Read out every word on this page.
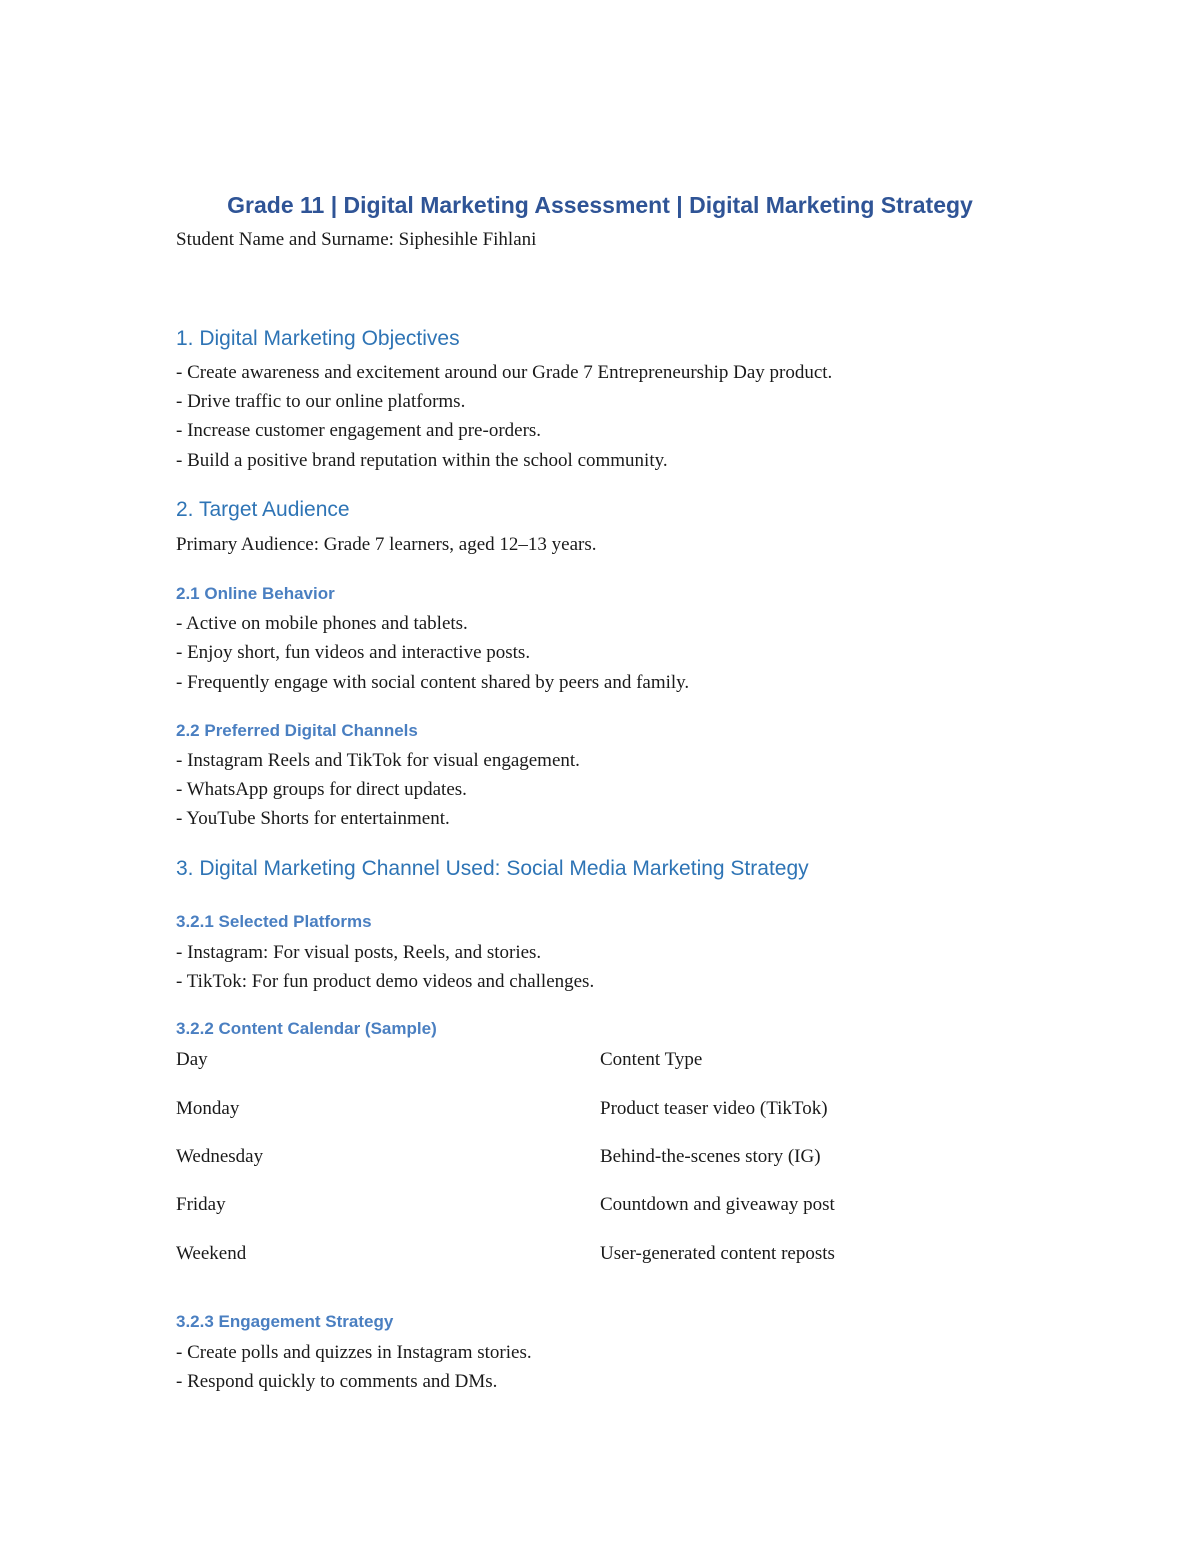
Grade 11 | Digital Marketing Assessment | Digital Marketing Strategy
Student Name and Surname: Siphesihle Fihlani
1. Digital Marketing Objectives
- Create awareness and excitement around our Grade 7 Entrepreneurship Day product.
- Drive traffic to our online platforms.
- Increase customer engagement and pre-orders.
- Build a positive brand reputation within the school community.
2. Target Audience
Primary Audience: Grade 7 learners, aged 12–13 years.
2.1 Online Behavior
- Active on mobile phones and tablets.
- Enjoy short, fun videos and interactive posts.
- Frequently engage with social content shared by peers and family.
2.2 Preferred Digital Channels
- Instagram Reels and TikTok for visual engagement.
- WhatsApp groups for direct updates.
- YouTube Shorts for entertainment.
3. Digital Marketing Channel Used: Social Media Marketing Strategy
3.2.1 Selected Platforms
- Instagram: For visual posts, Reels, and stories.
- TikTok: For fun product demo videos and challenges.
3.2.2 Content Calendar (Sample)
Day	Content Type
Monday	Product teaser video (TikTok)
Wednesday	Behind-the-scenes story (IG)
Friday	Countdown and giveaway post
Weekend	User-generated content reposts
3.2.3 Engagement Strategy
- Create polls and quizzes in Instagram stories.
- Respond quickly to comments and DMs.
